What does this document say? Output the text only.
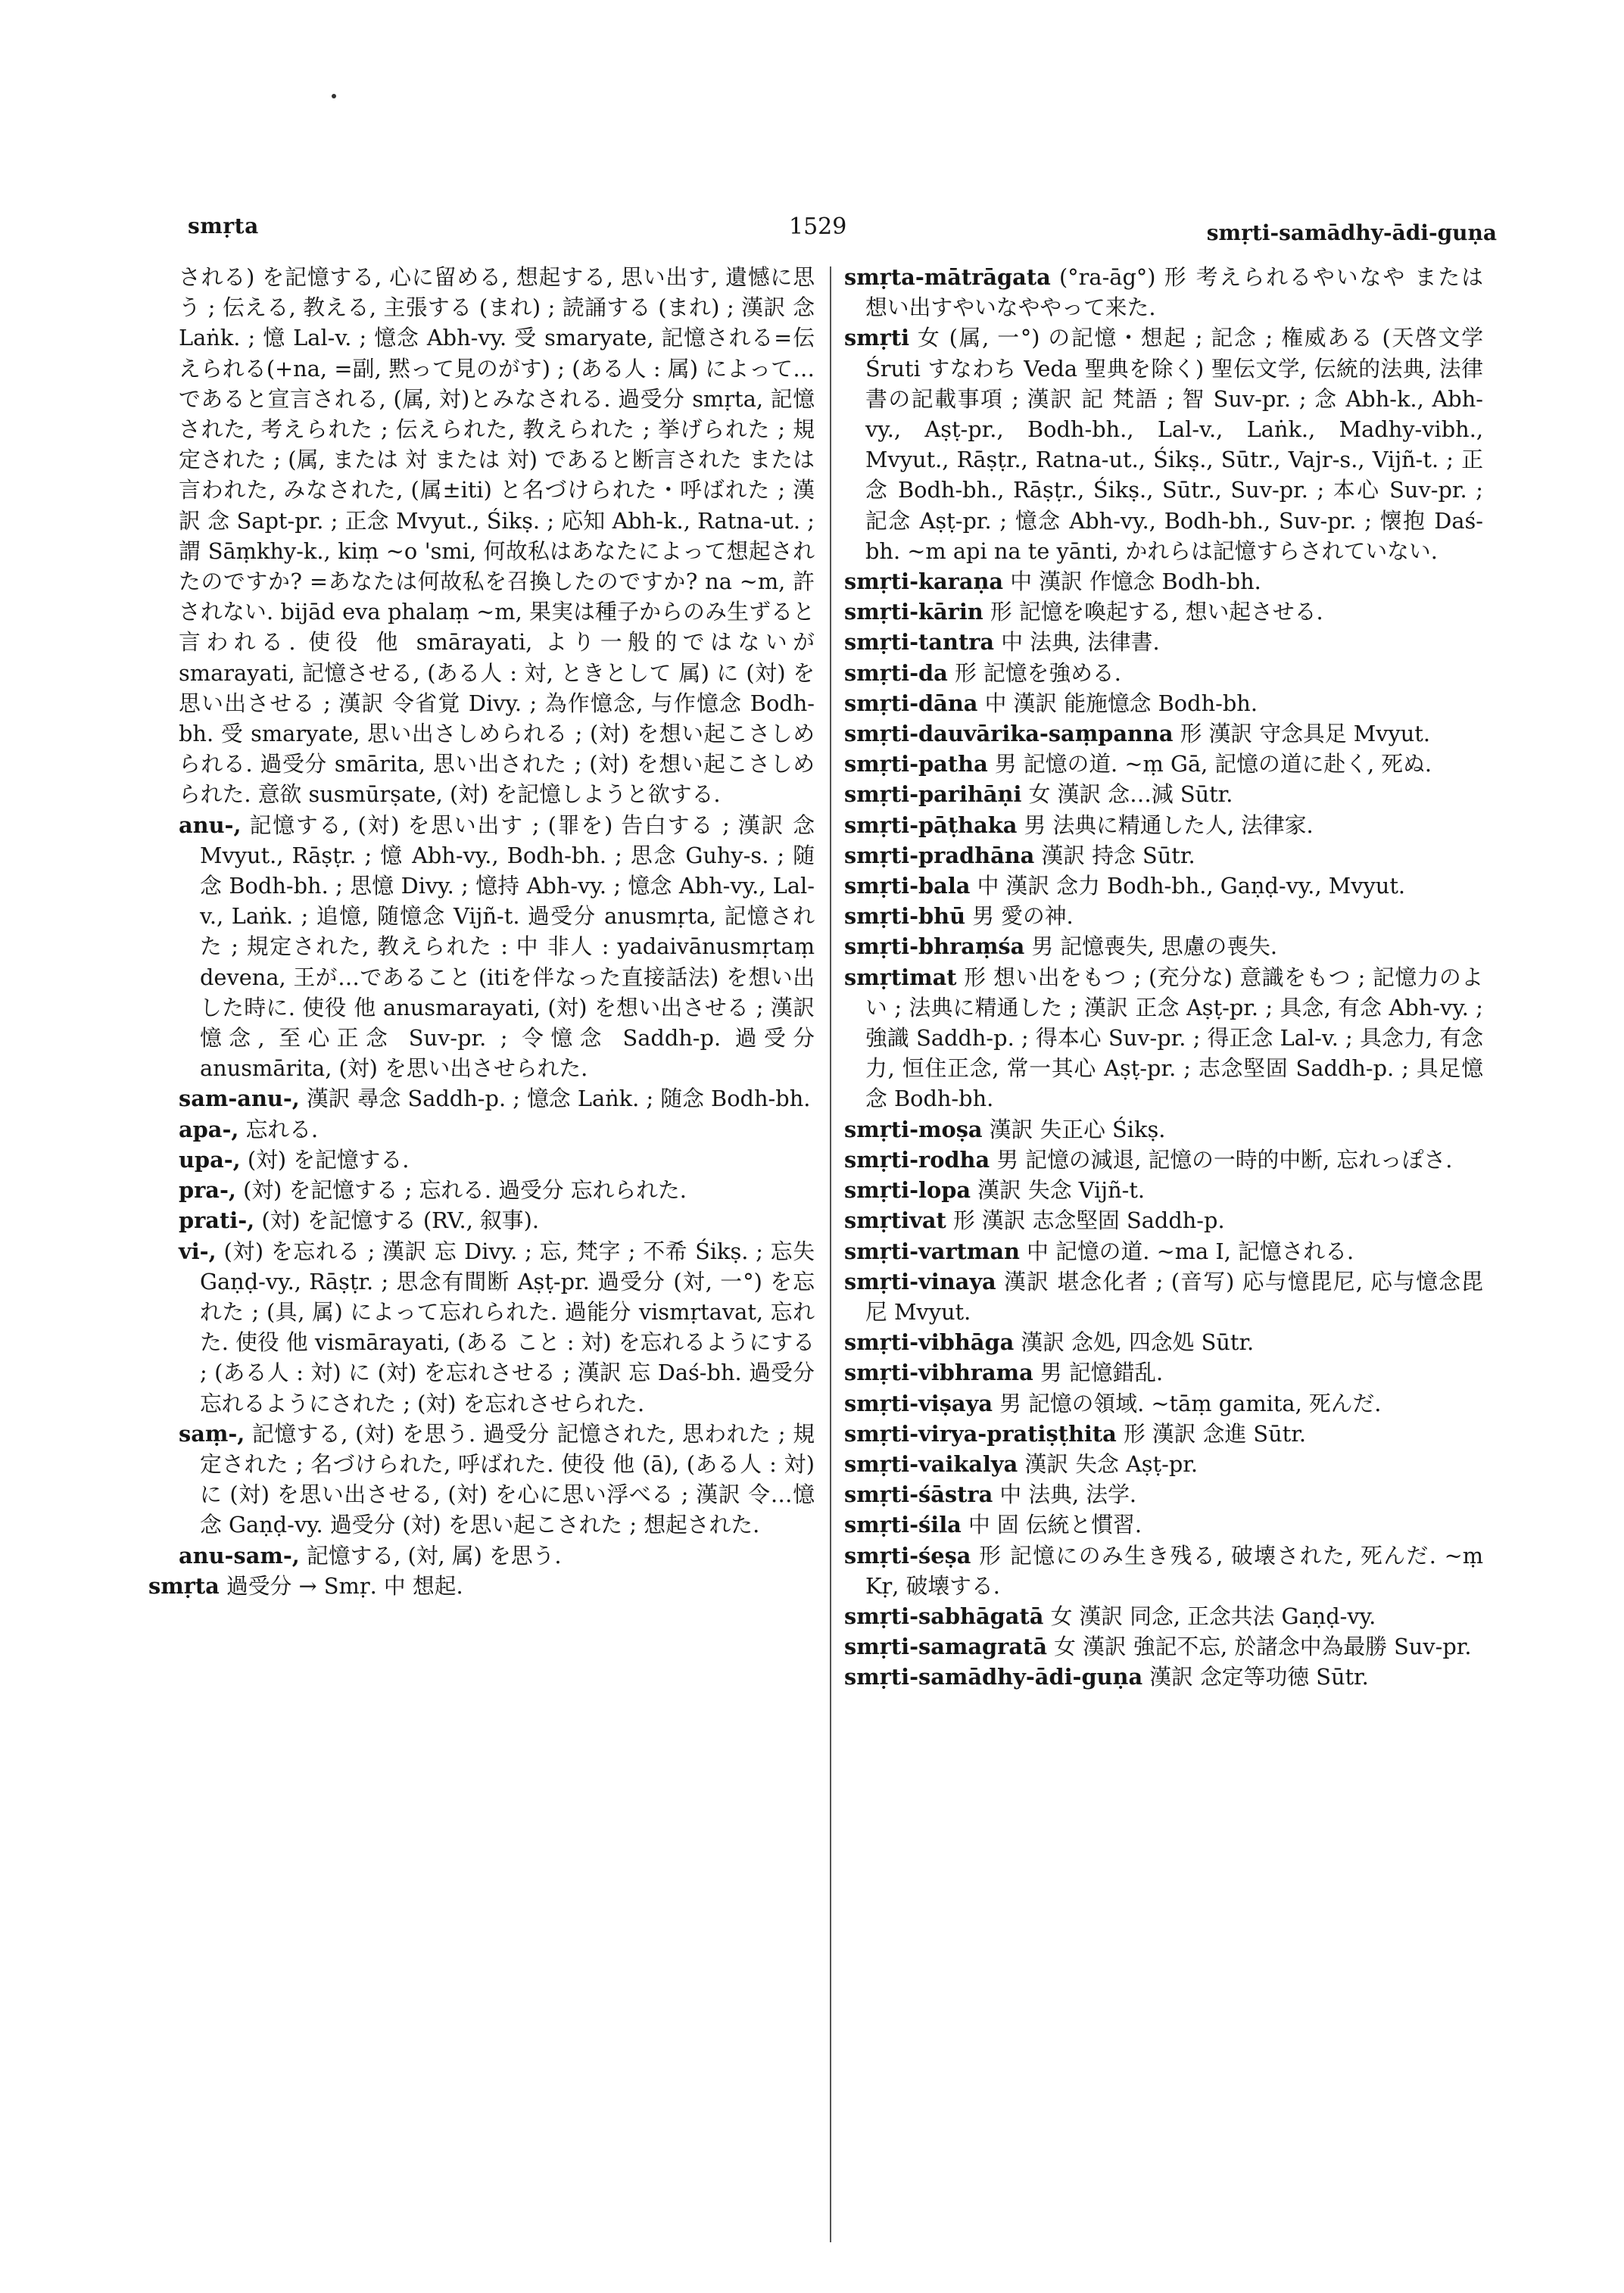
smṛta	1529	smṛti-samādhy-ādi-guṇa

される) を記憶する, 心に留める, 想起する, 思い出す, 遺憾に思う ; 伝える, 教える, 主張する (まれ) ; 読誦する (まれ) ; 漢訳 念 Laṅk. ; 憶 Lal-v. ; 憶念 Abh-vy. 受 smaryate, 記憶される=伝えられる(+na, =副, 黙って見のがす) ; (ある人 : 属) によって…であると宣言される, (属, 対)とみなされる. 過受分 smṛta, 記憶された, 考えられた ; 伝えられた, 教えられた ; 挙げられた ; 規定された ; (属, または 対 または 対) であると断言された または 言われた, みなされた, (属±iti) と名づけられた・呼ばれた ; 漢訳 念 Sapt-pr. ; 正念 Mvyut., Śikṣ. ; 応知 Abh-k., Ratna-ut. ; 謂 Sāṃkhy-k., kiṃ ~o 'smi, 何故私はあなたによって想起されたのですか? =あなたは何故私を召換したのですか? na ~m, 許されない. bijād eva phalaṃ ~m, 果実は種子からのみ生ずると言われる. 使役 他 smārayati, より一般的ではないが smarayati, 記憶させる, (ある人 : 対, ときとして 属) に (対) を思い出させる ; 漢訳 令省覚 Divy. ; 為作憶念, 与作憶念 Bodh-bh. 受 smaryate, 思い出さしめられる ; (対) を想い起こさしめられる. 過受分 smārita, 思い出された ; (対) を想い起こさしめられた. 意欲 susmūrṣate, (対) を記憶しようと欲する.

anu-, 記憶する, (対) を思い出す ; (罪を) 告白する ; 漢訳 念 Mvyut., Rāṣṭr. ; 憶 Abh-vy., Bodh-bh. ; 思念 Guhy-s. ; 随念 Bodh-bh. ; 思憶 Divy. ; 憶持 Abh-vy. ; 憶念 Abh-vy., Lal-v., Laṅk. ; 追憶, 随憶念 Vijñ-t. 過受分 anusmṛta, 記憶された ; 規定された, 教えられた : 中 非人 : yadaivānusmṛtaṃ devena, 王が…であること (itiを伴なった直接話法) を想い出した時に. 使役 他 anusmarayati, (対) を想い出させる ; 漢訳 憶念, 至心正念 Suv-pr. ; 令憶念 Saddh-p. 過受分 anusmārita, (対) を思い出させられた.

sam-anu-, 漢訳 尋念 Saddh-p. ; 憶念 Laṅk. ; 随念 Bodh-bh.

apa-, 忘れる.

upa-, (対) を記憶する.

pra-, (対) を記憶する ; 忘れる. 過受分 忘れられた.

prati-, (対) を記憶する (RV., 叙事).

vi-, (対) を忘れる ; 漢訳 忘 Divy. ; 忘, 梵字 ; 不希 Śikṣ. ; 忘失 Gaṇḍ-vy., Rāṣṭr. ; 思念有間断 Aṣṭ-pr. 過受分 (対, 一°) を忘れた ; (具, 属) によって忘れられた. 過能分 vismṛtavat, 忘れた. 使役 他 vismārayati, (ある こと : 対) を忘れるようにする ; (ある人 : 対) に (対) を忘れさせる ; 漢訳 忘 Daś-bh. 過受分 忘れるようにされた ; (対) を忘れさせられた.

saṃ-, 記憶する, (対) を思う. 過受分 記憶された, 思われた ; 規定された ; 名づけられた, 呼ばれた. 使役 他 (ā), (ある人 : 対) に (対) を思い出させる, (対) を心に思い浮べる ; 漢訳 令…憶念 Gaṇḍ-vy. 過受分 (対) を思い起こされた ; 想起された.

anu-sam-, 記憶する, (対, 属) を思う.

smṛta 過受分 → Smṛ. 中 想起.

smṛta-mātrāgata (°ra-āg°) 形 考えられるやいなや または 想い出すやいなややって来た.

smṛti 女 (属, 一°) の記憶・想起 ; 記念 ; 権威ある (天啓文学 Śruti すなわち Veda 聖典を除く) 聖伝文学, 伝統的法典, 法律書の記載事項 ; 漢訳 記 梵語 ; 智 Suv-pr. ; 念 Abh-k., Abh-vy., Aṣṭ-pr., Bodh-bh., Lal-v., Laṅk., Madhy-vibh., Mvyut., Rāṣṭr., Ratna-ut., Śikṣ., Sūtr., Vajr-s., Vijñ-t. ; 正念 Bodh-bh., Rāṣṭr., Śikṣ., Sūtr., Suv-pr. ; 本心 Suv-pr. ; 記念 Aṣṭ-pr. ; 憶念 Abh-vy., Bodh-bh., Suv-pr. ; 懐抱 Daś-bh. ~m api na te yānti, かれらは記憶すらされていない.

smṛti-karaṇa 中 漢訳 作憶念 Bodh-bh.

smṛti-kārin 形 記憶を喚起する, 想い起させる.

smṛti-tantra 中 法典, 法律書.

smṛti-da 形 記憶を強める.

smṛti-dāna 中 漢訳 能施憶念 Bodh-bh.

smṛti-dauvārika-saṃpanna 形 漢訳 守念具足 Mvyut.

smṛti-patha 男 記憶の道. ~ṃ Gā, 記憶の道に赴く, 死ぬ.

smṛti-parihāṇi 女 漢訳 念…減 Sūtr.

smṛti-pāṭhaka 男 法典に精通した人, 法律家.

smṛti-pradhāna 漢訳 持念 Sūtr.

smṛti-bala 中 漢訳 念力 Bodh-bh., Gaṇḍ-vy., Mvyut.

smṛti-bhū 男 愛の神.

smṛti-bhraṃśa 男 記憶喪失, 思慮の喪失.

smṛtimat 形 想い出をもつ ; (充分な) 意識をもつ ; 記憶力のよい ; 法典に精通した ; 漢訳 正念 Aṣṭ-pr. ; 具念, 有念 Abh-vy. ; 強識 Saddh-p. ; 得本心 Suv-pr. ; 得正念 Lal-v. ; 具念力, 有念力, 恒住正念, 常一其心 Aṣṭ-pr. ; 志念堅固 Saddh-p. ; 具足憶念 Bodh-bh.

smṛti-moṣa 漢訳 失正心 Śikṣ.

smṛti-rodha 男 記憶の減退, 記憶の一時的中断, 忘れっぽさ.

smṛti-lopa 漢訳 失念 Vijñ-t.

smṛtivat 形 漢訳 志念堅固 Saddh-p.

smṛti-vartman 中 記憶の道. ~ma I, 記憶される.

smṛti-vinaya 漢訳 堪念化者 ; (音写) 応与憶毘尼, 応与憶念毘尼 Mvyut.

smṛti-vibhāga 漢訳 念処, 四念処 Sūtr.

smṛti-vibhrama 男 記憶錯乱.

smṛti-viṣaya 男 記憶の領域. ~tāṃ gamita, 死んだ.

smṛti-virya-pratiṣṭhita 形 漢訳 念進 Sūtr.

smṛti-vaikalya 漢訳 失念 Aṣṭ-pr.

smṛti-śāstra 中 法典, 法学.

smṛti-śila 中 固 伝統と慣習.

smṛti-śeṣa 形 記憶にのみ生き残る, 破壊された, 死んだ. ~ṃ Kṛ, 破壊する.

smṛti-sabhāgatā 女 漢訳 同念, 正念共法 Gaṇḍ-vy.

smṛti-samagratā 女 漢訳 強記不忘, 於諸念中為最勝 Suv-pr.

smṛti-samādhy-ādi-guṇa 漢訳 念定等功徳 Sūtr.
